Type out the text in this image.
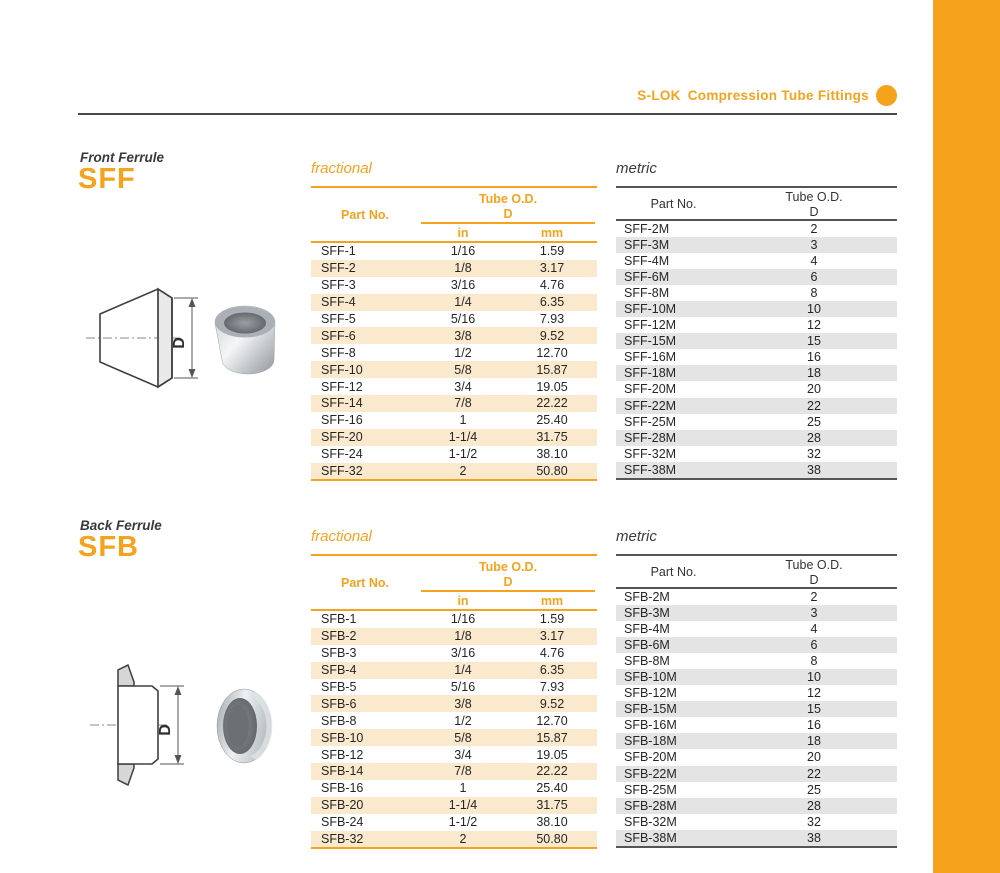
S-LOK Compression Tube Fittings
Front Ferrule
SFF
D
fractional
Part No.
Tube O.D.
D
in	mm
SFF-1	1/16	1.59
SFF-2	1/8	3.17
SFF-3	3/16	4.76
SFF-4	1/4	6.35
SFF-5	5/16	7.93
SFF-6	3/8	9.52
SFF-8	1/2	12.70
SFF-10	5/8	15.87
SFF-12	3/4	19.05
SFF-14	7/8	22.22
SFF-16	1	25.40
SFF-20	1-1/4	31.75
SFF-24	1-1/2	38.10
SFF-32	2	50.80
metric
Part No.	Tube O.D.
D
SFF-2M	2
SFF-3M	3
SFF-4M	4
SFF-6M	6
SFF-8M	8
SFF-10M	10
SFF-12M	12
SFF-15M	15
SFF-16M	16
SFF-18M	18
SFF-20M	20
SFF-22M	22
SFF-25M	25
SFF-28M	28
SFF-32M	32
SFF-38M	38
Back Ferrule
SFB
D
fractional
Part No.
Tube O.D.
D
in	mm
SFB-1	1/16	1.59
SFB-2	1/8	3.17
SFB-3	3/16	4.76
SFB-4	1/4	6.35
SFB-5	5/16	7.93
SFB-6	3/8	9.52
SFB-8	1/2	12.70
SFB-10	5/8	15.87
SFB-12	3/4	19.05
SFB-14	7/8	22.22
SFB-16	1	25.40
SFB-20	1-1/4	31.75
SFB-24	1-1/2	38.10
SFB-32	2	50.80
metric
Part No.	Tube O.D.
D
SFB-2M	2
SFB-3M	3
SFB-4M	4
SFB-6M	6
SFB-8M	8
SFB-10M	10
SFB-12M	12
SFB-15M	15
SFB-16M	16
SFB-18M	18
SFB-20M	20
SFB-22M	22
SFB-25M	25
SFB-28M	28
SFB-32M	32
SFB-38M	38
